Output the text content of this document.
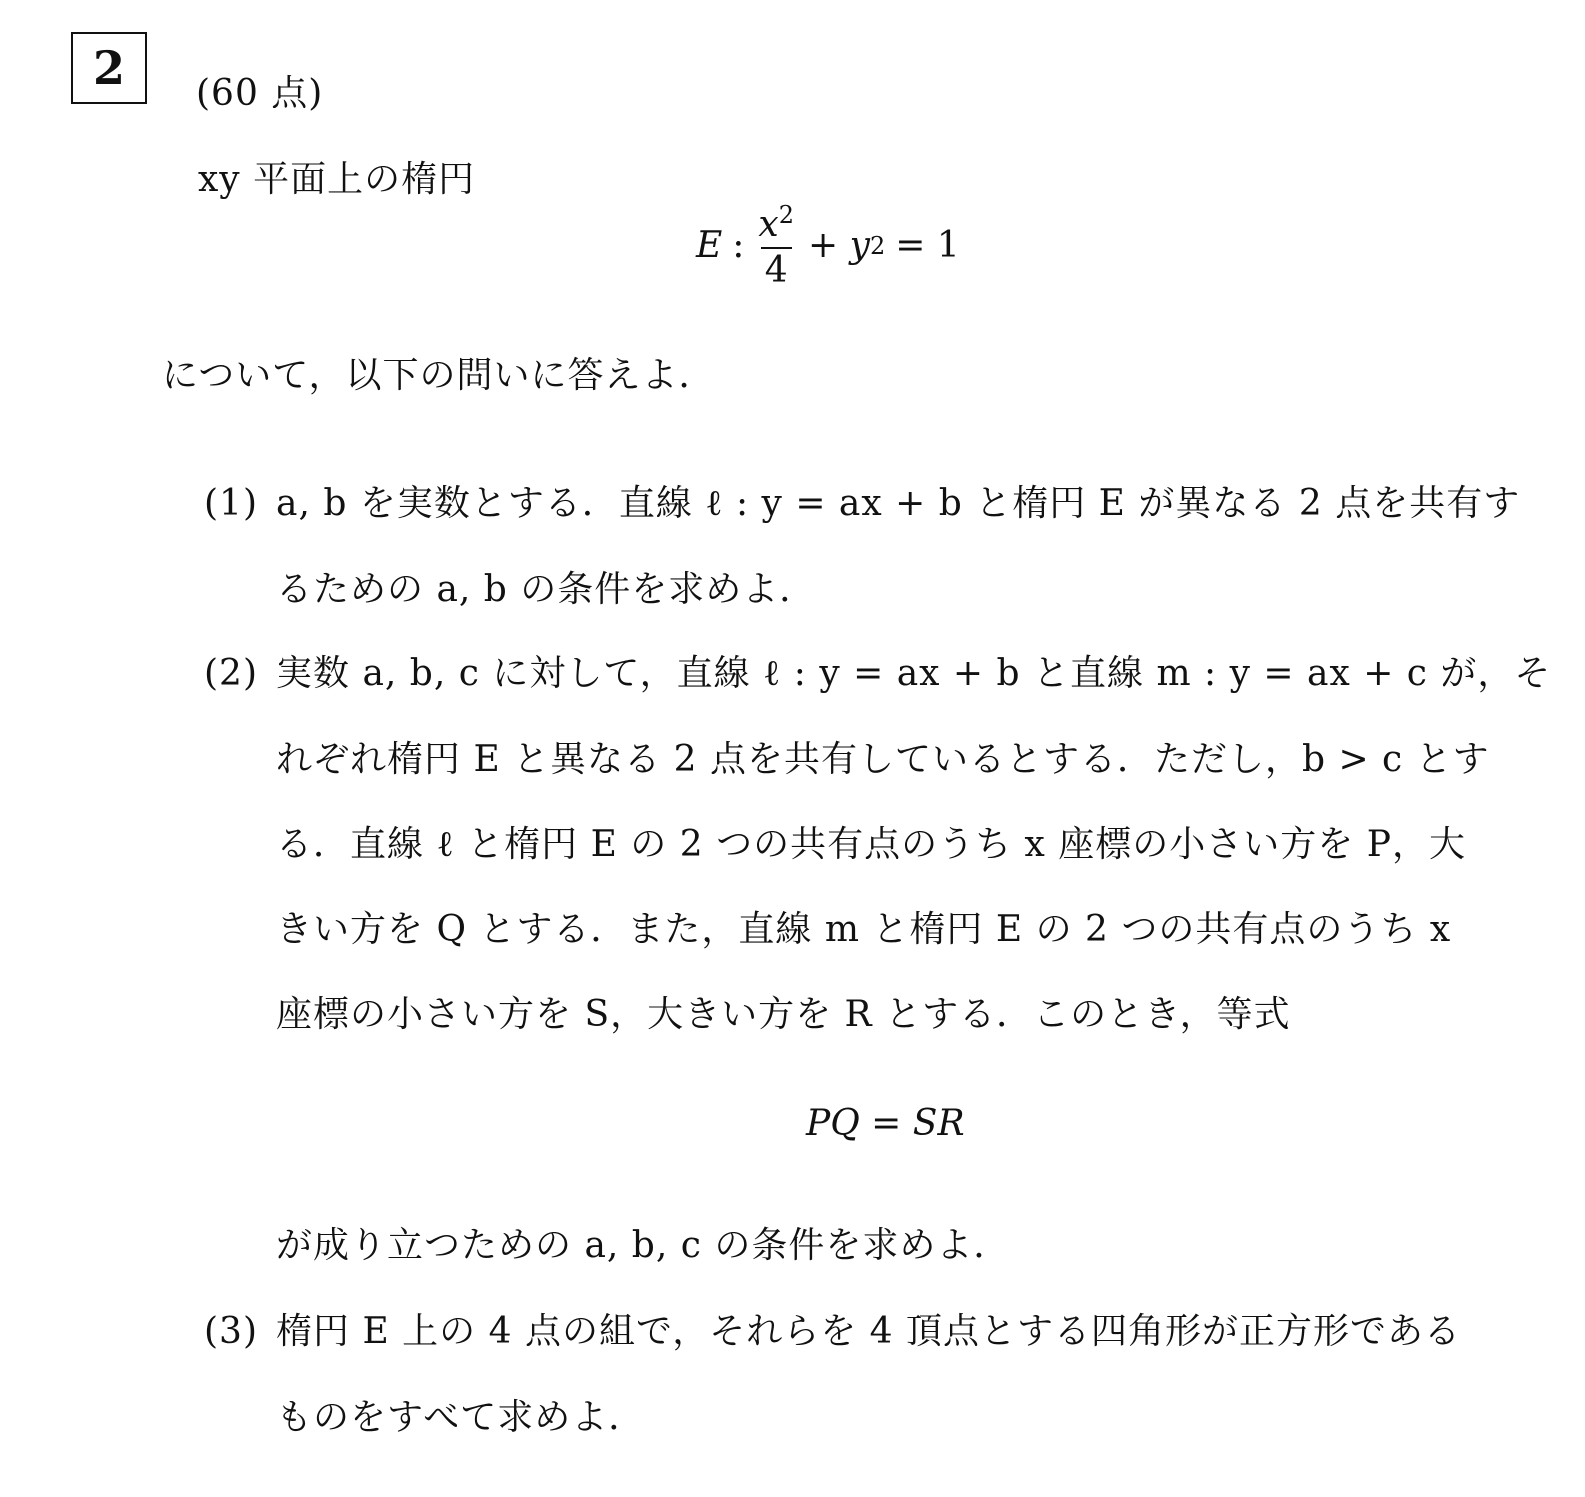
2 (60 点)
xy 平面上の楕円
E : $\frac{x^2}{4} + y$ 2 = 1
について，以下の問いに答えよ．
(1) a, b を実数とする．直線 ℓ : y = ax + b と楕円 E が異なる 2 点を共有す
るための a, b の条件を求めよ．
(2) 実数 a, b, c に対して，直線 ℓ : y = ax + b と直線 m : y = ax + c が，そ
れぞれ楕円 E と異なる 2 点を共有しているとする．ただし，b > c とす
る．直線 ℓ と楕円 E の 2 つの共有点のうち x 座標の小さい方を P，大
きい方を Q とする．また，直線 m と楕円 E の 2 つの共有点のうち x
座標の小さい方を S，大きい方を R とする．このとき，等式
PQ = SR
が成り立つための a, b, c の条件を求めよ．
(3) 楕円 E 上の 4 点の組で，それらを 4 頂点とする四角形が正方形である
ものをすべて求めよ．
